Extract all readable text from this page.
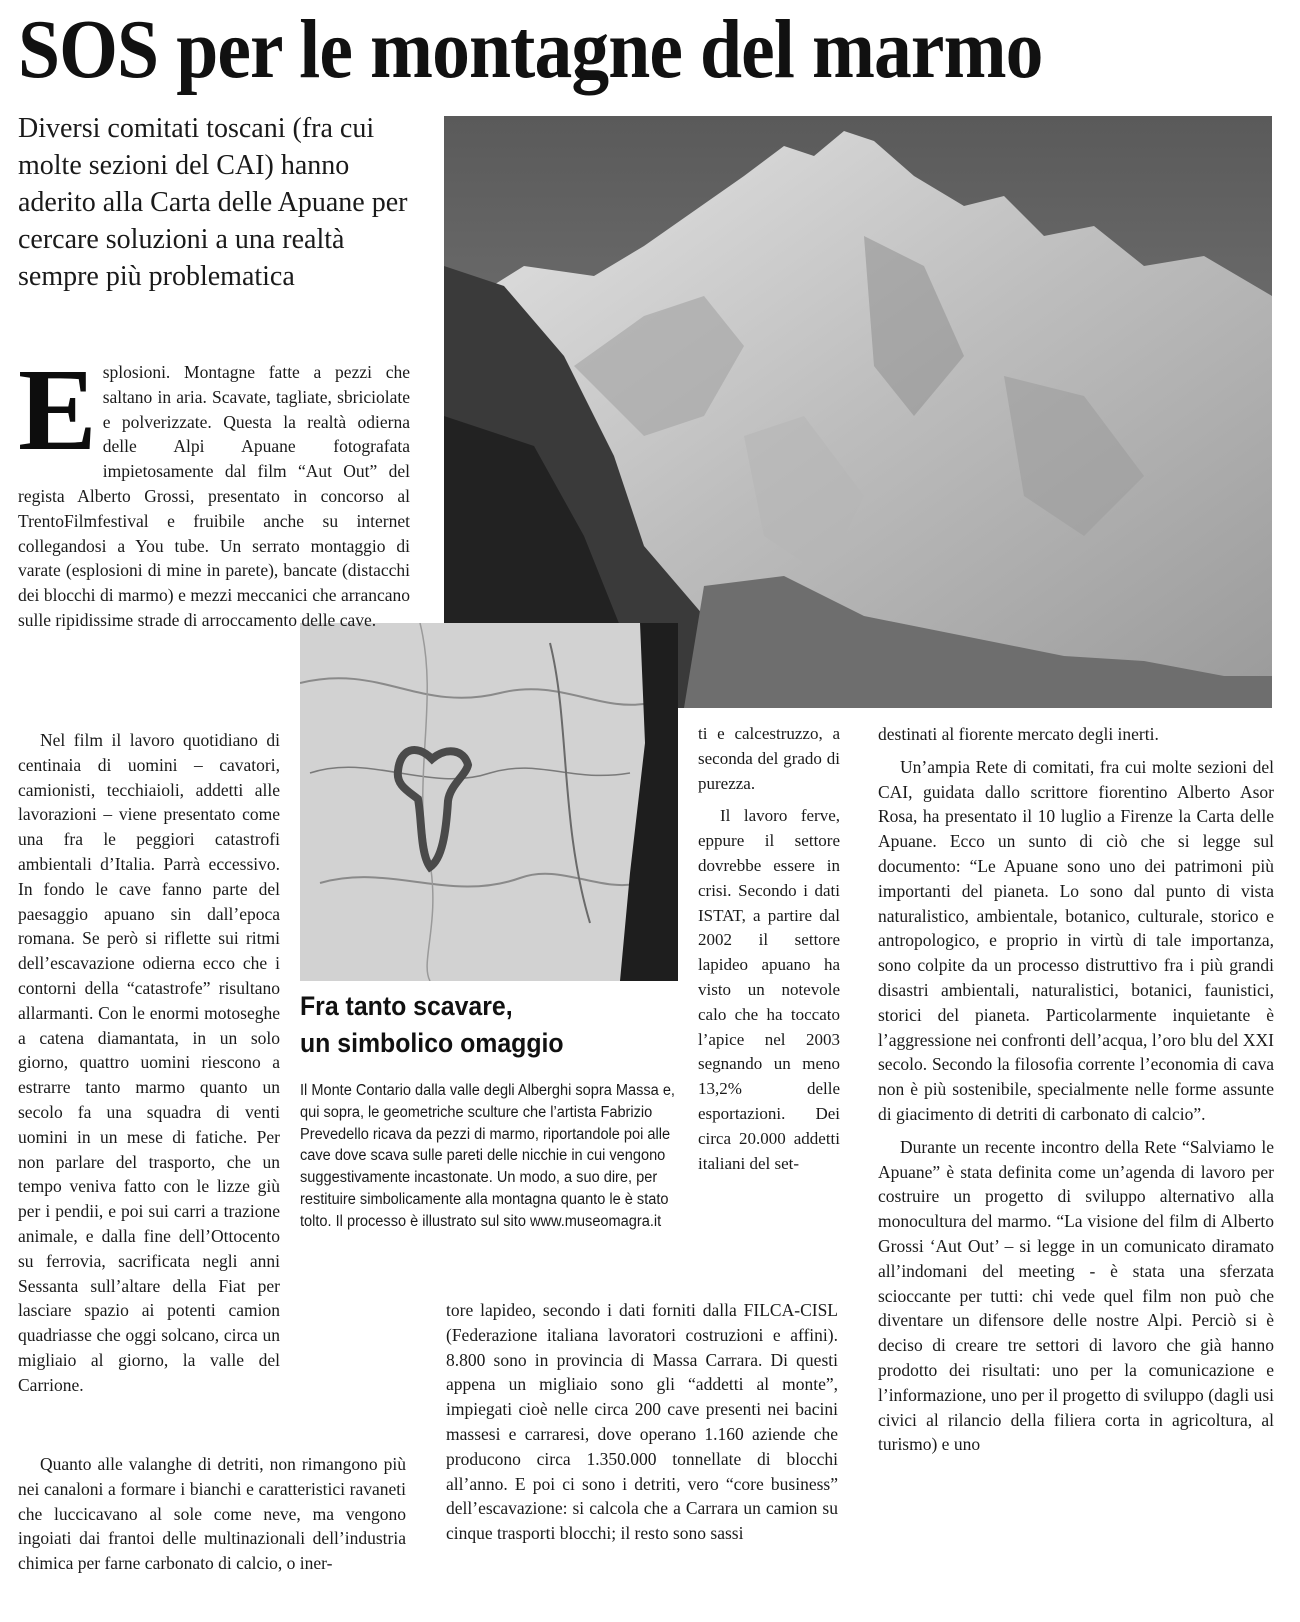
SOS per le montagne del marmo

Diversi comitati toscani (fra cui molte sezioni del CAI) hanno aderito alla Carta delle Apuane per cercare soluzioni a una realtà sempre più problematica

E splosioni. Montagne fatte a pezzi che saltano in aria. Scavate, tagliate, sbriciolate e polverizzate. Questa la realtà odierna delle Alpi Apuane fotografata impietosamente dal film “Aut Out” del regista Alberto Grossi, presentato in concorso al TrentoFilmfestival e fruibile anche su internet collegandosi a You tube. Un serrato montaggio di varate (esplosioni di mine in parete), bancate (distacchi dei blocchi di marmo) e mezzi meccanici che arrancano sulle ripidissime strade di arroccamento delle cave.

Nel film il lavoro quotidiano di centinaia di uomini – cavatori, camionisti, tecchiaioli, addetti alle lavorazioni – viene presentato come una fra le peggiori catastrofi ambientali d’Italia. Parrà eccessivo. In fondo le cave fanno parte del paesaggio apuano sin dall’epoca romana. Se però si riflette sui ritmi dell’escavazione odierna ecco che i contorni della “catastrofe” risultano allarmanti. Con le enormi motoseghe a catena diamantata, in un solo giorno, quattro uomini riescono a estrarre tanto marmo quanto un secolo fa una squadra di venti uomini in un mese di fatiche. Per non parlare del trasporto, che un tempo veniva fatto con le lizze giù per i pendii, e poi sui carri a trazione animale, e dalla fine dell’Ottocento su ferrovia, sacrificata negli anni Sessanta sull’altare della Fiat per lasciare spazio ai potenti camion quadriasse che oggi solcano, circa un migliaio al giorno, la valle del Carrione.

Quanto alle valanghe di detriti, non rimangono più nei canaloni a formare i bianchi e caratteristici ravaneti che luccicavano al sole come neve, ma vengono ingoiati dai frantoi delle multinazionali dell’industria chimica per farne carbonato di calcio, o iner-

Fra tanto scavare,
un simbolico omaggio
Il Monte Contario dalla valle degli Alberghi sopra Massa e, qui sopra, le geometriche sculture che l’artista Fabrizio Prevedello ricava da pezzi di marmo, riportandole poi alle cave dove scava sulle pareti delle nicchie in cui vengono suggestivamente incastonate. Un modo, a suo dire, per restituire simbolicamente alla montagna quanto le è stato tolto. Il processo è illustrato sul sito www.museomagra.it

ti e calcestruzzo, a seconda del grado di purezza.

Il lavoro ferve, eppure il settore dovrebbe essere in crisi. Secondo i dati ISTAT, a partire dal 2002 il settore lapideo apuano ha visto un notevole calo che ha toccato l’apice nel 2003 segnando un meno 13,2% delle esportazioni. Dei circa 20.000 addetti italiani del set-

tore lapideo, secondo i dati forniti dalla FILCA-CISL (Federazione italiana lavoratori costruzioni e affini). 8.800 sono in provincia di Massa Carrara. Di questi appena un migliaio sono gli “addetti al monte”, impiegati cioè nelle circa 200 cave presenti nei bacini massesi e carraresi, dove operano 1.160 aziende che producono circa 1.350.000 tonnellate di blocchi all’anno. E poi ci sono i detriti, vero “core business” dell’escavazione: si calcola che a Carrara un camion su cinque trasporti blocchi; il resto sono sassi

destinati al fiorente mercato degli inerti.

Un’ampia Rete di comitati, fra cui molte sezioni del CAI, guidata dallo scrittore fiorentino Alberto Asor Rosa, ha presentato il 10 luglio a Firenze la Carta delle Apuane. Ecco un sunto di ciò che si legge sul documento: “Le Apuane sono uno dei patrimoni più importanti del pianeta. Lo sono dal punto di vista naturalistico, ambientale, botanico, culturale, storico e antropologico, e proprio in virtù di tale importanza, sono colpite da un processo distruttivo fra i più grandi disastri ambientali, naturalistici, botanici, faunistici, storici del pianeta. Particolarmente inquietante è l’aggressione nei confronti dell’acqua, l’oro blu del XXI secolo. Secondo la filosofia corrente l’economia di cava non è più sostenibile, specialmente nelle forme assunte di giacimento di detriti di carbonato di calcio”.

Durante un recente incontro della Rete “Salviamo le Apuane” è stata definita come un’agenda di lavoro per costruire un progetto di sviluppo alternativo alla monocultura del marmo. “La visione del film di Alberto Grossi ‘Aut Out’ – si legge in un comunicato diramato all’indomani del meeting - è stata una sferzata scioccante per tutti: chi vede quel film non può che diventare un difensore delle nostre Alpi. Perciò si è deciso di creare tre settori di lavoro che già hanno prodotto dei risultati: uno per la comunicazione e l’informazione, uno per il progetto di sviluppo (dagli usi civici al rilancio della filiera corta in agricoltura, al turismo) e uno
